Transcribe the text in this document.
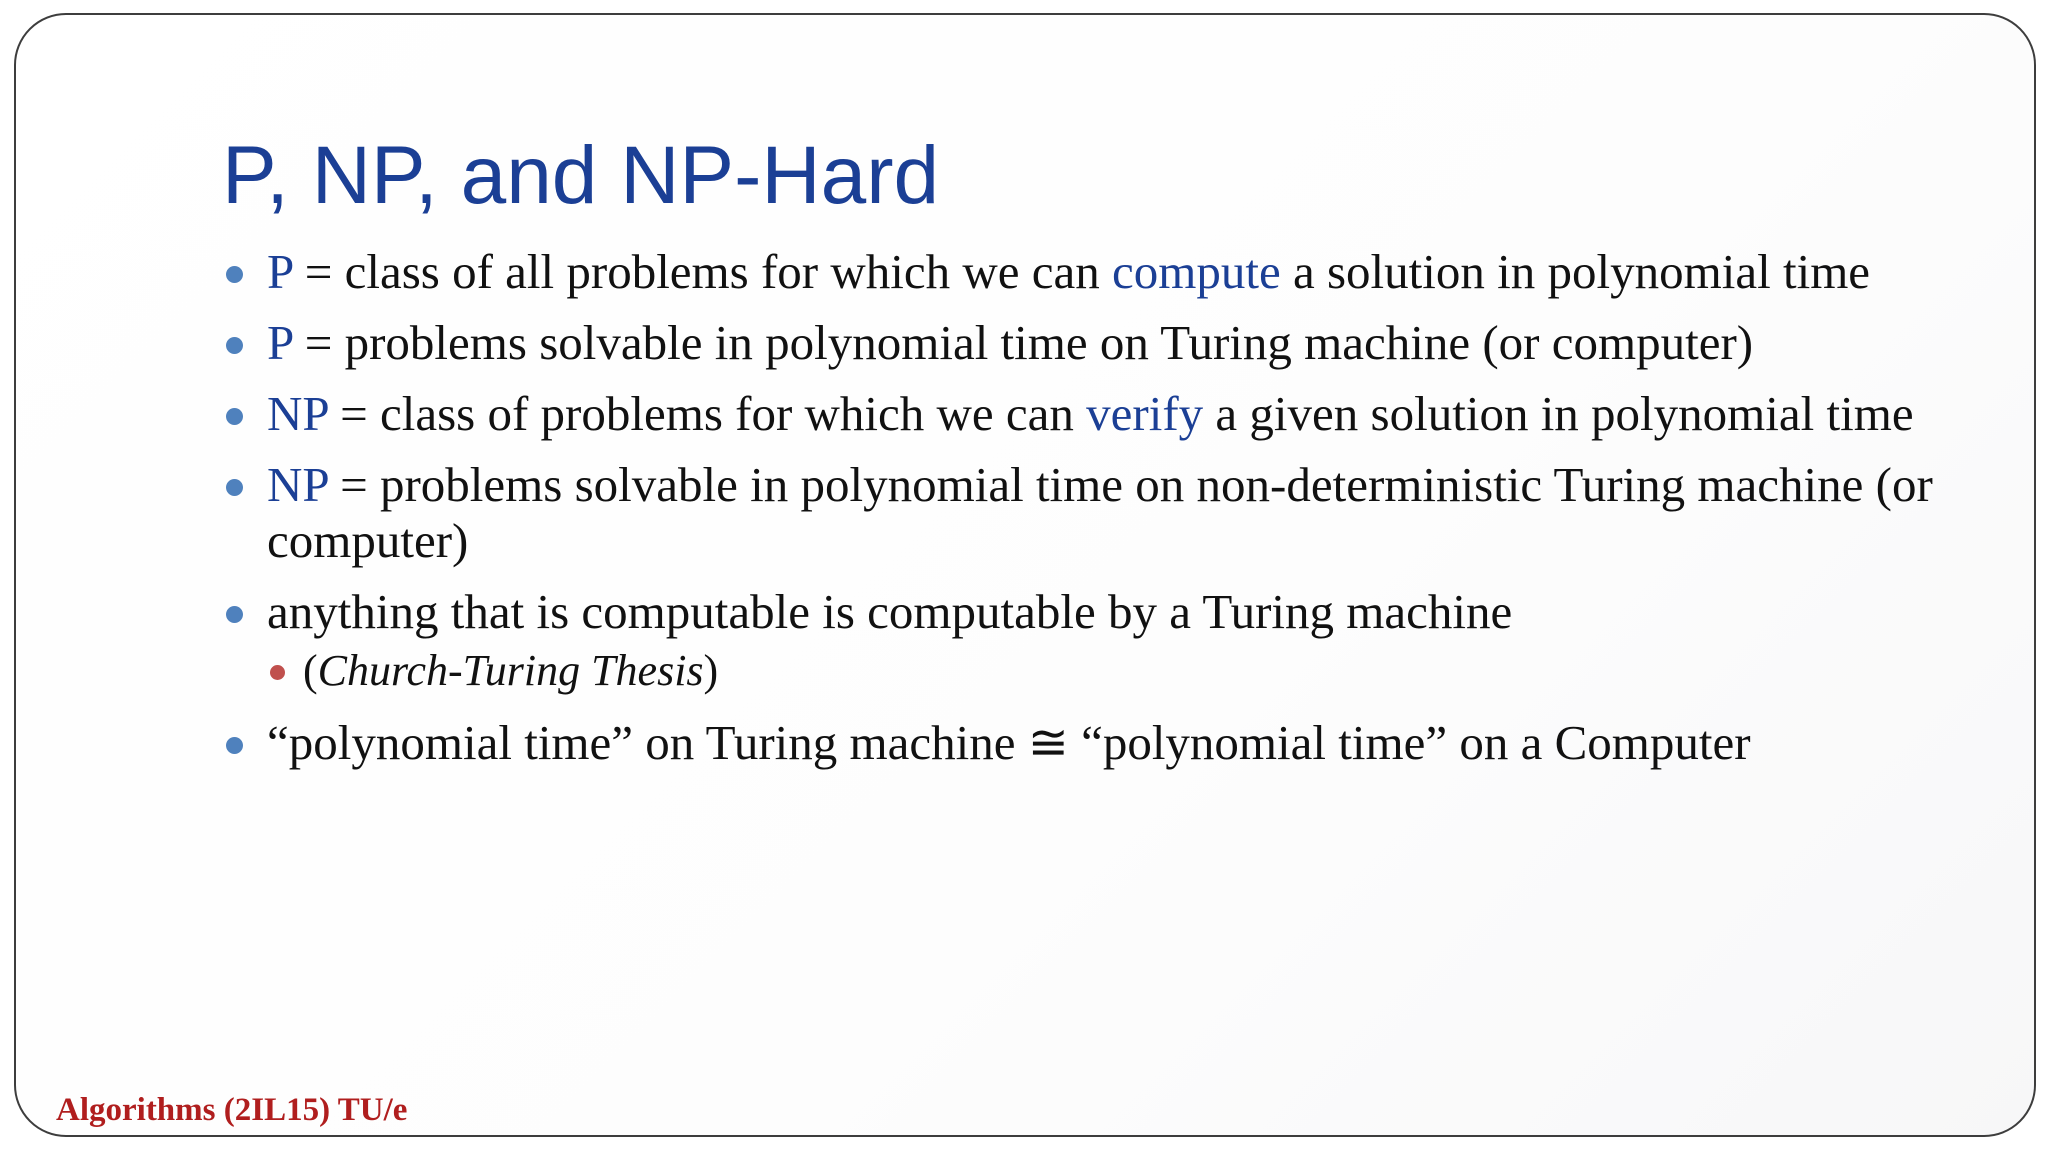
P, NP, and NP-Hard
P = class of all problems for which we can compute a solution in polynomial time
P = problems solvable in polynomial time on Turing machine (or computer)
NP = class of problems for which we can verify a given solution in polynomial time
NP = problems solvable in polynomial time on non-deterministic Turing machine (or computer)
anything that is computable is computable by a Turing machine
(Church-Turing Thesis)
“polynomial time” on Turing machine ≅ “polynomial time” on a Computer
Algorithms (2IL15) TU/e
